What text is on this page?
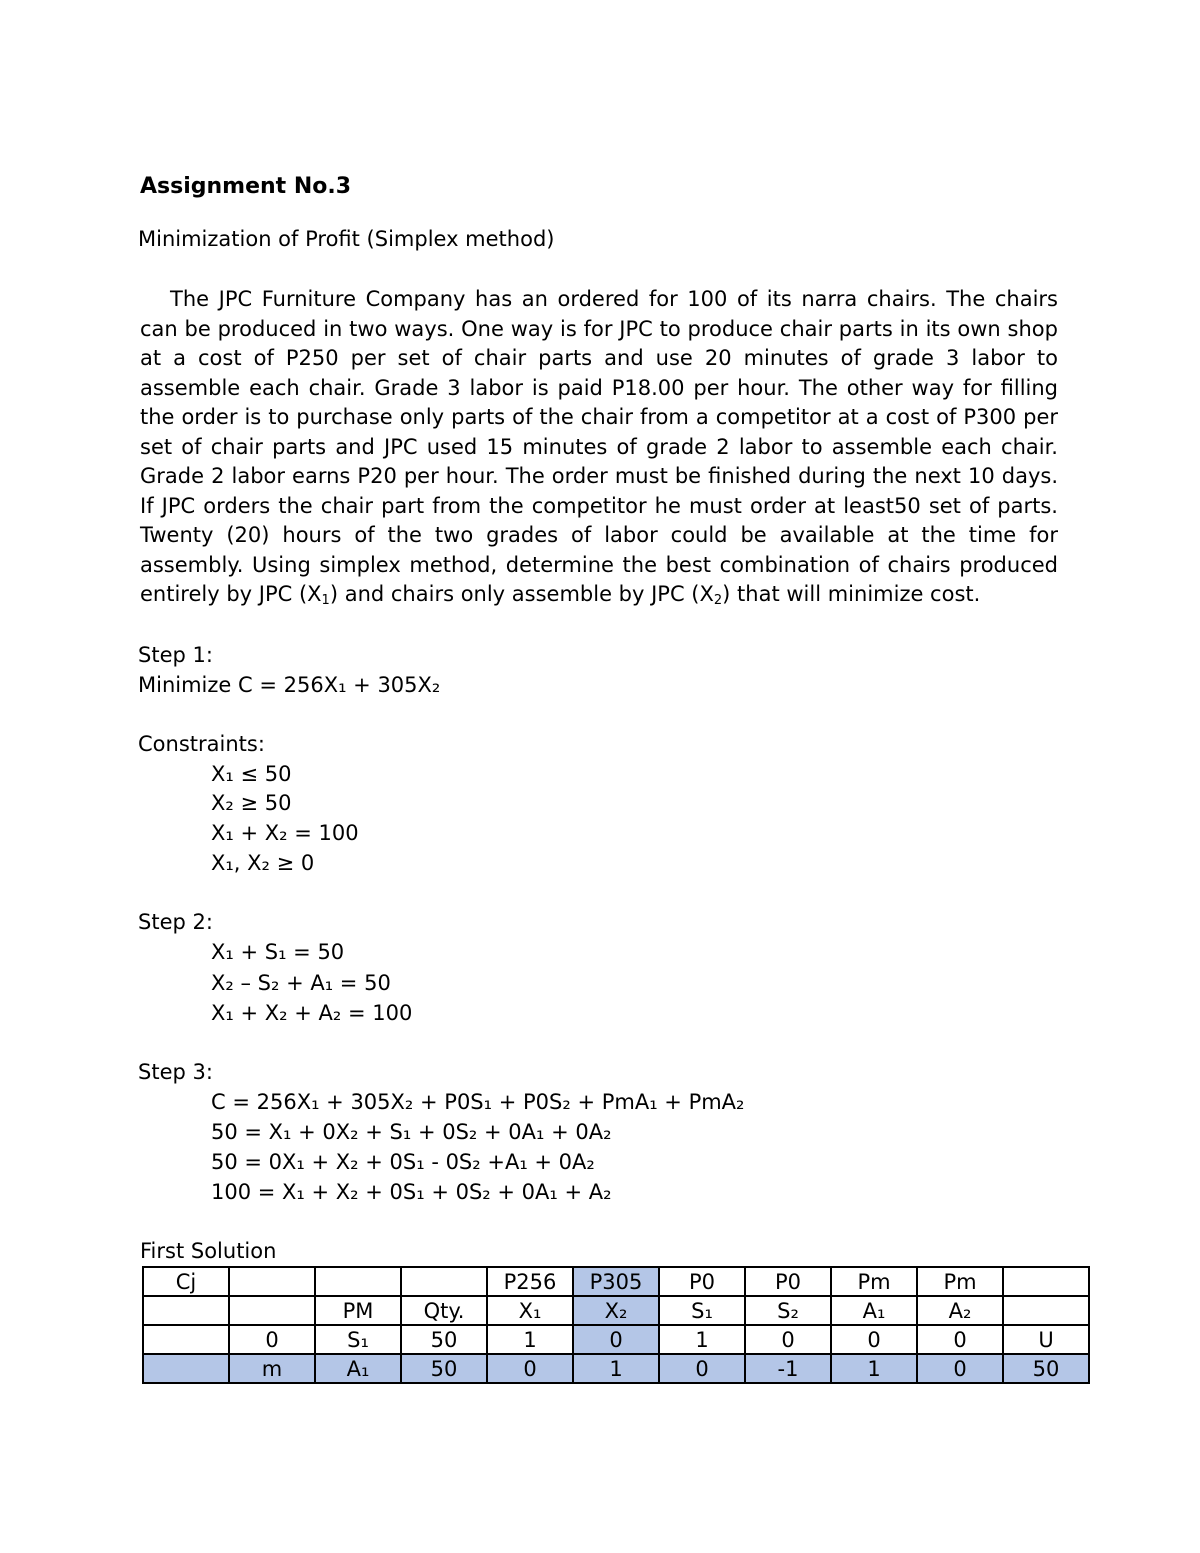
Assignment No.3
Minimization of Profit (Simplex method)

The JPC Furniture Company has an ordered for 100 of its narra chairs. The chairs can be produced in two ways. One way is for JPC to produce chair parts in its own shop at a cost of P250 per set of chair parts and use 20 minutes of grade 3 labor to assemble each chair. Grade 3 labor is paid P18.00 per hour. The other way for filling the order is to purchase only parts of the chair from a competitor at a cost of P300 per set of chair parts and JPC used 15 minutes of grade 2 labor to assemble each chair. Grade 2 labor earns P20 per hour. The order must be finished during the next 10 days. If JPC orders the chair part from the competitor he must order at least50 set of parts. Twenty (20) hours of the two grades of labor could be available at the time for assembly. Using simplex method, determine the best combination of chairs produced entirely by JPC $(X_1)$ and chairs only assemble by JPC $(X_2)$ that will minimize cost.

Step 1:
Minimize C = 256X₁ + 305X₂
Constraints:
X₁ ≤ 50
X₂ ≥ 50
X₁ + X₂ = 100
X₁, X₂ ≥ 0
Step 2:
X₁ + S₁ = 50
X₂ – S₂ + A₁ = 50
X₁ + X₂ + A₂ = 100
Step 3:
C = 256X₁ + 305X₂ + P0S₁ + P0S₂ + PmA₁ + PmA₂
50 = X₁ + 0X₂ + S₁ + 0S₂ + 0A₁ + 0A₂
50 = 0X₁ + X₂ + 0S₁ - 0S₂ +A₁ + 0A₂
100 = X₁ + X₂ + 0S₁ + 0S₂ + 0A₁ + A₂
First Solution
Cj				P256	P305	P0	P0	Pm	Pm	
		PM	Qty.	X₁	X₂	S₁	S₂	A₁	A₂	
	0	S₁	50	1	0	1	0	0	0	U
	m	A₁	50	0	1	0	-1	1	0	50
